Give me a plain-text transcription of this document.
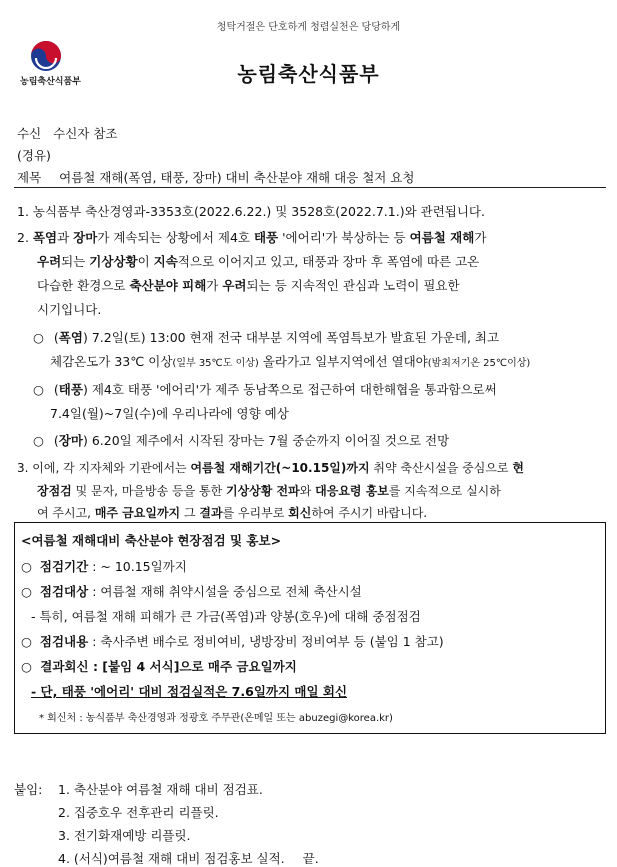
청탁거절은 단호하게 청렴실천은 당당하게
농림축산식품부	농림축산식품부
수신 수신자 참조
(경유)
제목 여름철 재해(폭염, 태풍, 장마) 대비 축산분야 재해 대응 철저 요청
1. 농식품부 축산경영과-3353호(2022.6.22.) 및 3528호(2022.7.1.)와 관련됩니다.
2. 폭염과 장마가 계속되는 상황에서 제4호 태풍 '에어리'가 북상하는 등 여름철 재해가
우려되는 기상상황이 지속적으로 이어지고 있고, 태풍과 장마 후 폭염에 따른 고온
다습한 환경으로 축산분야 피해가 우려되는 등 지속적인 관심과 노력이 필요한
시기입니다.
○ (폭염) 7.2일(토) 13:00 현재 전국 대부분 지역에 폭염특보가 발효된 가운데, 최고
체감온도가 33℃ 이상(일부 35℃도 이상) 올라가고 일부지역에선 열대야(밤최저기온 25℃이상)
○ (태풍) 제4호 태풍 '에어리'가 제주 동남쪽으로 접근하여 대한해협을 통과함으로써
7.4일(월)~7일(수)에 우리나라에 영향 예상
○ (장마) 6.20일 제주에서 시작된 장마는 7월 중순까지 이어질 것으로 전망
3. 이에, 각 지자체와 기관에서는 여름철 재해기간(~10.15일)까지 취약 축산시설을 중심으로 현
장점검 및 문자, 마을방송 등을 통한 기상상황 전파와 대응요령 홍보를 지속적으로 실시하
여 주시고, 매주 금요일까지 그 결과를 우리부로 회신하여 주시기 바랍니다.
<여름철 재해대비 축산분야 현장점검 및 홍보>
○ 점검기간 : ~ 10.15일까지
○ 점검대상 : 여름철 재해 취약시설을 중심으로 전체 축산시설
- 특히, 여름철 재해 피해가 큰 가금(폭염)과 양봉(호우)에 대해 중점점검
○ 점검내용 : 축사주변 배수로 정비여비, 냉방장비 정비여부 등 (붙임 1 참고)
○ 결과회신 : [붙임 4 서식]으로 매주 금요일까지
- 단, 태풍 '에어리' 대비 점검실적은 7.6일까지 매일 회신
* 회신처 : 농식품부 축산경영과 정광호 주무관(온메일 또는 abuzegi@korea.kr)
붙임: 1. 축산분야 여름철 재해 대비 점검표.
2. 집중호우 전후관리 리플릿.
3. 전기화재예방 리플릿.
4. (서식)여름철 재해 대비 점검홍보 실적. 끝.
